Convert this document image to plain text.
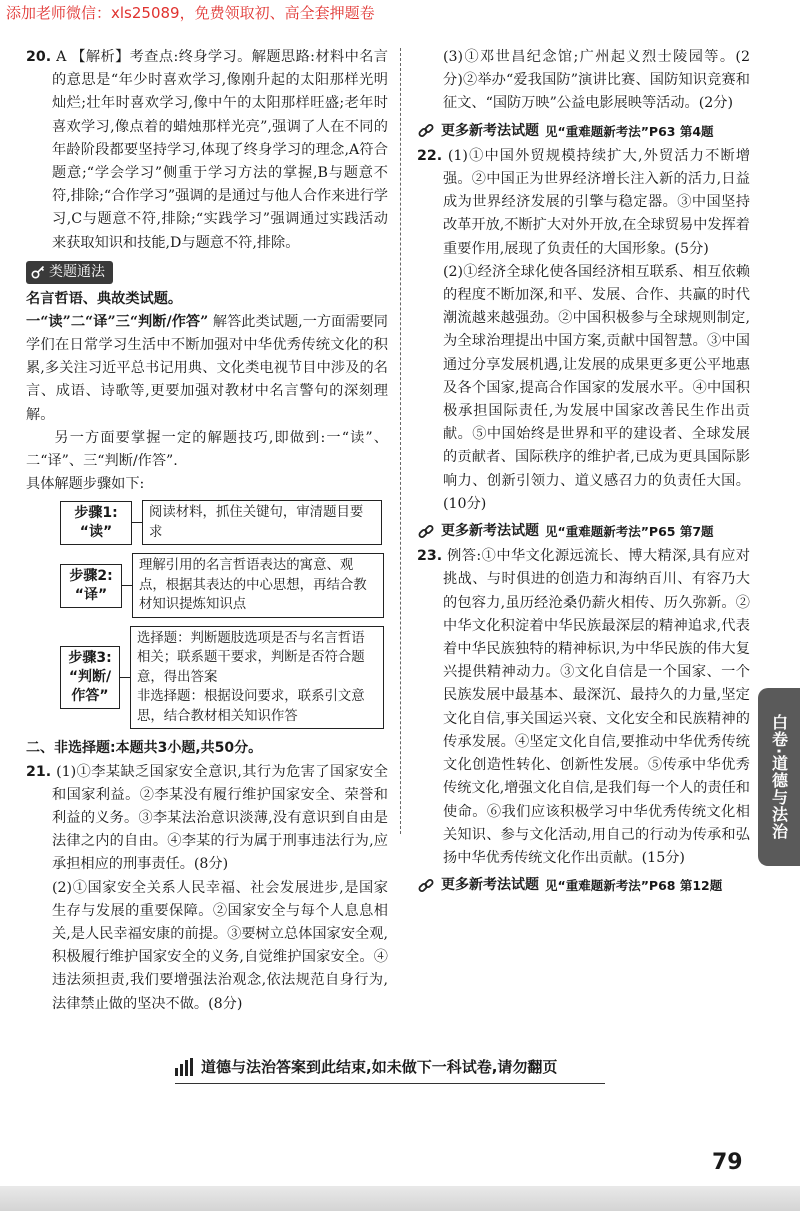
添加老师微信：xls25089，免费领取初、高全套押题卷

20. A 【解析】考查点:终身学习。解题思路:材料中名言的意思是“年少时喜欢学习,像刚升起的太阳那样光明灿烂;壮年时喜欢学习,像中午的太阳那样旺盛;老年时喜欢学习,像点着的蜡烛那样光亮”,强调了人在不同的年龄阶段都要坚持学习,体现了终身学习的理念,A符合题意;“学会学习”侧重于学习方法的掌握,B与题意不符,排除;“合作学习”强调的是通过与他人合作来进行学习,C与题意不符,排除;“实践学习”强调通过实践活动来获取知识和技能,D与题意不符,排除。

类题通法

名言哲语、典故类试题。

一“读”二“译”三“判断/作答” 解答此类试题,一方面需要同学们在日常学习生活中不断加强对中华优秀传统文化的积累,多关注习近平总书记用典、文化类电视节目中涉及的名言、成语、诗歌等,更要加强对教材中名言警句的深刻理解。

另一方面要掌握一定的解题技巧,即做到:一“读”、二“译”、三“判断/作答”.

具体解题步骤如下:

步骤1:
“读”
阅读材料，抓住关键句，审清题目要求
步骤2:
“译”
理解引用的名言哲语表达的寓意、观点，根据其表达的中心思想，再结合教材知识提炼知识点
步骤3:
“判断/作答”
选择题：判断题肢选项是否与名言哲语相关；联系题干要求，判断是否符合题意，得出答案
非选择题：根据设问要求，联系引文意思，结合教材相关知识作答

二、非选择题:本题共3小题,共50分。

21. (1)①李某缺乏国家安全意识,其行为危害了国家安全和国家利益。②李某没有履行维护国家安全、荣誉和利益的义务。③李某法治意识淡薄,没有意识到自由是法律之内的自由。④李某的行为属于刑事违法行为,应承担相应的刑事责任。(8分)

(2)①国家安全关系人民幸福、社会发展进步,是国家生存与发展的重要保障。②国家安全与每个人息息相关,是人民幸福安康的前提。③要树立总体国家安全观,积极履行维护国家安全的义务,自觉维护国家安全。④违法须担责,我们要增强法治观念,依法规范自身行为,法律禁止做的坚决不做。(8分)

(3)①邓世昌纪念馆;广州起义烈士陵园等。(2分)②举办“爱我国防”演讲比赛、国防知识竞赛和征文、“国防万映”公益电影展映等活动。(2分)

更多新考法试题 见“重难题新考法”P63 第4题

22. (1)①中国外贸规模持续扩大,外贸活力不断增强。②中国正为世界经济增长注入新的活力,日益成为世界经济发展的引擎与稳定器。③中国坚持改革开放,不断扩大对外开放,在全球贸易中发挥着重要作用,展现了负责任的大国形象。(5分)

(2)①经济全球化使各国经济相互联系、相互依赖的程度不断加深,和平、发展、合作、共赢的时代潮流越来越强劲。②中国积极参与全球规则制定,为全球治理提出中国方案,贡献中国智慧。③中国通过分享发展机遇,让发展的成果更多更公平地惠及各个国家,提高合作国家的发展水平。④中国积极承担国际责任,为发展中国家改善民生作出贡献。⑤中国始终是世界和平的建设者、全球发展的贡献者、国际秩序的维护者,已成为更具国际影响力、创新引领力、道义感召力的负责任大国。(10分)

更多新考法试题 见“重难题新考法”P65 第7题

23. 例答:①中华文化源远流长、博大精深,具有应对挑战、与时俱进的创造力和海纳百川、有容乃大的包容力,虽历经沧桑仍薪火相传、历久弥新。②中华文化积淀着中华民族最深层的精神追求,代表着中华民族独特的精神标识,为中华民族的伟大复兴提供精神动力。③文化自信是一个国家、一个民族发展中最基本、最深沉、最持久的力量,坚定文化自信,事关国运兴衰、文化安全和民族精神的传承发展。④坚定文化自信,要推动中华优秀传统文化创造性转化、创新性发展。⑤传承中华优秀传统文化,增强文化自信,是我们每一个人的责任和使命。⑥我们应该积极学习中华优秀传统文化相关知识、参与文化活动,用自己的行动为传承和弘扬中华优秀传统文化作出贡献。(15分)

更多新考法试题 见“重难题新考法”P68 第12题
白卷·道德与法治
道德与法治答案到此结束,如未做下一科试卷,请勿翻页
79
